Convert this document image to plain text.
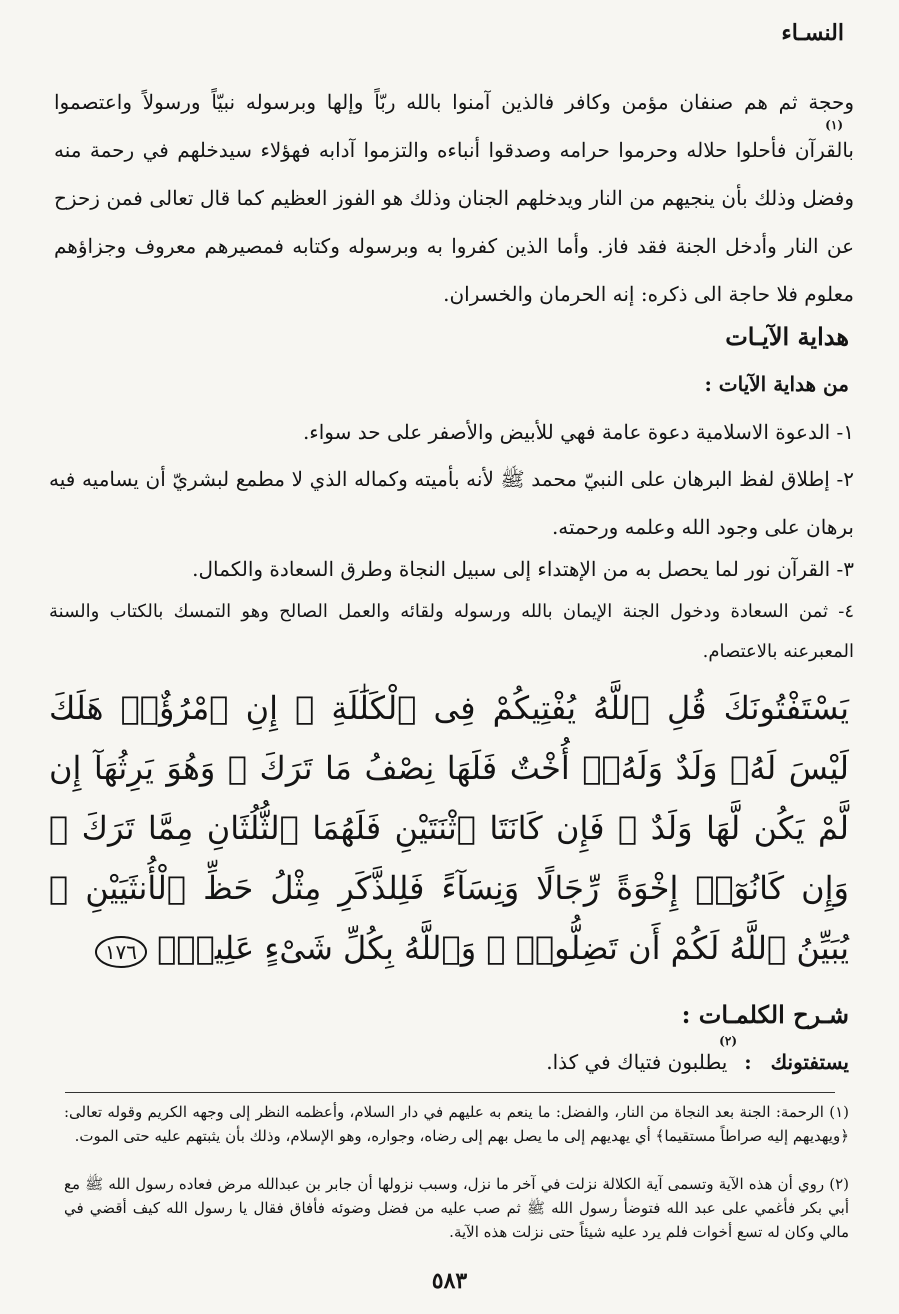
النسـاء
وحجة ثم هم صنفان مؤمن وكافر فالذين آمنوا بالله ربّاً وإلها وبرسوله نبيّاً ورسولاً واعتصموا بالقرآن فأحلوا حلاله وحرموا حرامه وصدقوا أنباءه والتزموا آدابه فهؤلاء سيدخلهم في رحمة منه وفضل وذلك بأن ينجيهم من النار ويدخلهم الجنان وذلك هو الفوز العظيم كما قال تعالى فمن زحزح عن النار وأدخل الجنة فقد فاز. وأما الذين كفروا به وبرسوله وكتابه فمصيرهم معروف وجزاؤهم معلوم فلا حاجة الى ذكره: إنه الحرمان والخسران.
(١)
هداية الآيـات
من هداية الآيات :
١- الدعوة الاسلامية دعوة عامة فهي للأبيض والأصفر على حد سواء.
٢- إطلاق لفظ البرهان على النبيّ محمد ﷺ لأنه بأميته وكماله الذي لا مطمع لبشريّ أن يساميه فيه برهان على وجود الله وعلمه ورحمته.
٣- القرآن نور لما يحصل به من الإهتداء إلى سبيل النجاة وطرق السعادة والكمال.
٤- ثمن السعادة ودخول الجنة الإيمان بالله ورسوله ولقائه والعمل الصالح وهو التمسك بالكتاب والسنة المعبرعنه بالاعتصام.
يَسْتَفْتُونَكَ قُلِ ٱللَّهُ يُفْتِيكُمْ فِى ٱلْكَلَٰلَةِ ۚ إِنِ ٱمْرُؤٌا۟ هَلَكَ لَيْسَ لَهُۥ وَلَدٌ وَلَهُۥٓ أُخْتٌ فَلَهَا نِصْفُ مَا تَرَكَ ۚ وَهُوَ يَرِثُهَآ إِن لَّمْ يَكُن لَّهَا وَلَدٌ ۚ فَإِن كَانَتَا ٱثْنَتَيْنِ فَلَهُمَا ٱلثُّلُثَانِ مِمَّا تَرَكَ ۚ وَإِن كَانُوٓا۟ إِخْوَةً رِّجَالًا وَنِسَآءً فَلِلذَّكَرِ مِثْلُ حَظِّ ٱلْأُنثَيَيْنِ ۗ يُبَيِّنُ ٱللَّهُ لَكُمْ أَن تَضِلُّوا۟ ۗ وَٱللَّهُ بِكُلِّ شَىْءٍ عَلِيمٌۢ ١٧٦
شـرح الكلمـات :
(٢)
يستفتونك : يطلبون فتياك في كذا.
(١) الرحمة: الجنة بعد النجاة من النار، والفضل: ما ينعم به عليهم في دار السلام، وأعظمه النظر إلى وجهه الكريم وقوله تعالى: ﴿ويهديهم إليه صراطاً مستقيما﴾ أي يهديهم إلى ما يصل بهم إلى رضاه، وجواره، وهو الإسلام، وذلك بأن يثبتهم عليه حتى الموت.
(٢) روي أن هذه الآية وتسمى آية الكلالة نزلت في آخر ما نزل، وسبب نزولها أن جابر بن عبدالله مرض فعاده رسول الله ﷺ مع أبي بكر فأغمي على عبد الله فتوضأ رسول الله ﷺ ثم صب عليه من فضل وضوئه فأفاق فقال يا رسول الله كيف أقضي في مالي وكان له تسع أخوات فلم يرد عليه شيئاً حتى نزلت هذه الآية.
٥٨٣
